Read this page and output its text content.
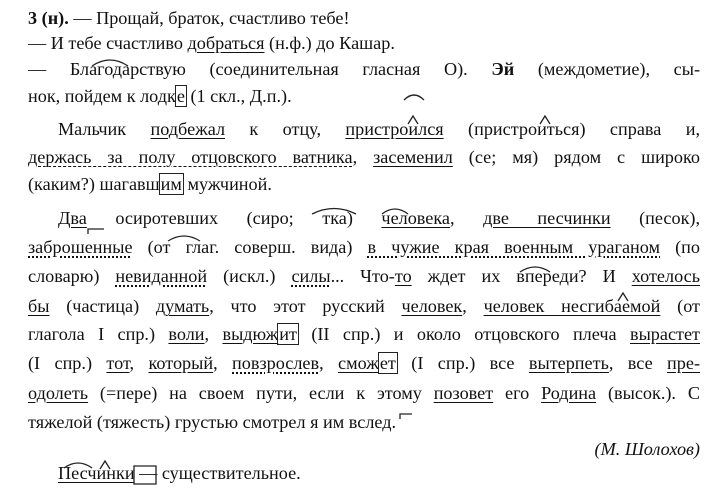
3 (н). — Прощай, браток, счастливо тебе!
— И тебе счастливо добраться (н.ф.) до Кашар.
— Благодарствую (соединительная гласная О). Эй (междометие), сы-
нок, пойдем к лодке (1 скл., Д.п.).
Мальчик подбежал к отцу, пристроился (пристроиться) справа и,
держась за полу отцовского ватника, засеменил (се; мя) рядом с широко
(каким?) шагавшим мужчиной.
Два осиротевших (сиро; тка) человека, две песчинки (песок),
заброшенные (от глаг. соверш. вида) в чужие края военным ураганом (по
словарю) невиданной (искл.) силы... Что-то ждет их впереди? И хотелось
бы (частица) думать, что этот русский человек, человек несгибаемой (от
глагола I спр.) воли, выдюжит (II спр.) и около отцовского плеча вырастет
(I спр.) тот, который, повзрослев, сможет (I спр.) все вытерпеть, все пре-
одолеть (=пере) на своем пути, если к этому позовет его Родина (высок.). С
тяжелой (тяжесть) грустью смотрел я им вслед.
(М. Шолохов)
Песчинки — существительное.
